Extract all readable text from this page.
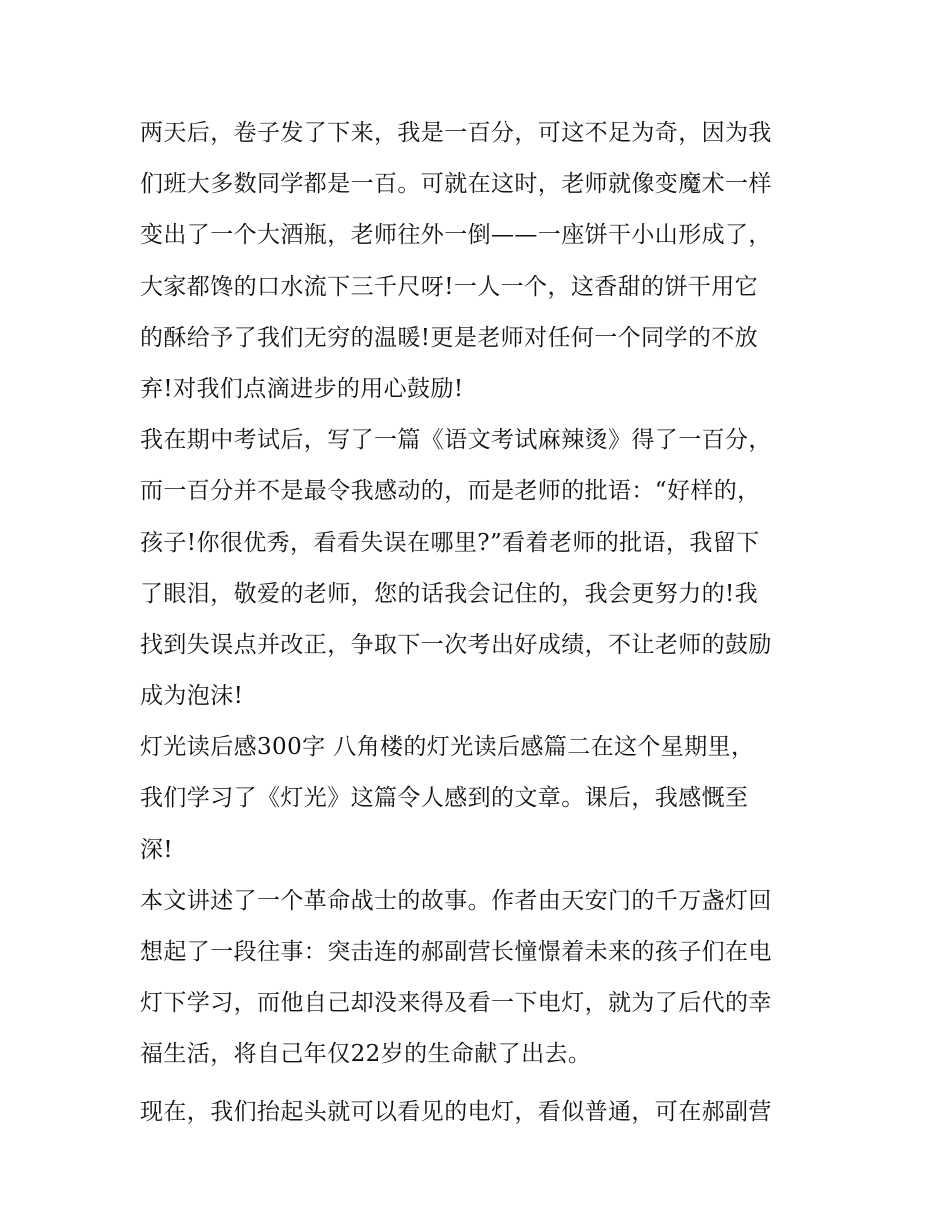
两天后，卷子发了下来，我是一百分，可这不足为奇，因为我
们班大多数同学都是一百。可就在这时，老师就像变魔术一样
变出了一个大酒瓶，老师往外一倒——一座饼干小山形成了，
大家都馋的口水流下三千尺呀!一人一个，这香甜的饼干用它
的酥给予了我们无穷的温暖!更是老师对任何一个同学的不放
弃!对我们点滴进步的用心鼓励!
我在期中考试后，写了一篇《语文考试麻辣烫》得了一百分，
而一百分并不是最令我感动的，而是老师的批语：“好样的，
孩子!你很优秀，看看失误在哪里?”看着老师的批语，我留下
了眼泪，敬爱的老师，您的话我会记住的，我会更努力的!我
找到失误点并改正，争取下一次考出好成绩，不让老师的鼓励
成为泡沫!
灯光读后感300字 八角楼的灯光读后感篇二在这个星期里，
我们学习了《灯光》这篇令人感到的文章。课后，我感慨至
深!
本文讲述了一个革命战士的故事。作者由天安门的千万盏灯回
想起了一段往事：突击连的郝副营长憧憬着未来的孩子们在电
灯下学习，而他自己却没来得及看一下电灯，就为了后代的幸
福生活，将自己年仅22岁的生命献了出去。
现在，我们抬起头就可以看见的电灯，看似普通，可在郝副营
